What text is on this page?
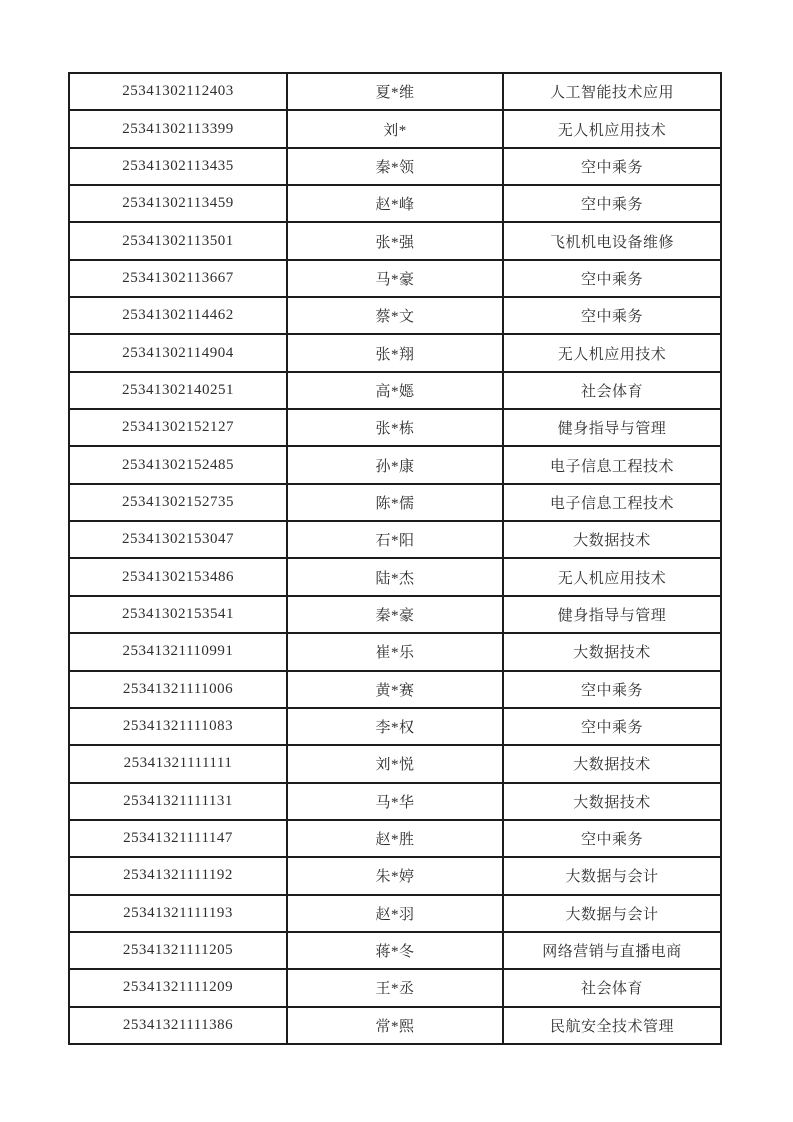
25341302112403	夏*维	人工智能技术应用
25341302113399	刘*	无人机应用技术
25341302113435	秦*领	空中乘务
25341302113459	赵*峰	空中乘务
25341302113501	张*强	飞机机电设备维修
25341302113667	马*豪	空中乘务
25341302114462	蔡*文	空中乘务
25341302114904	张*翔	无人机应用技术
25341302140251	高*嫕	社会体育
25341302152127	张*栋	健身指导与管理
25341302152485	孙*康	电子信息工程技术
25341302152735	陈*儒	电子信息工程技术
25341302153047	石*阳	大数据技术
25341302153486	陆*杰	无人机应用技术
25341302153541	秦*豪	健身指导与管理
25341321110991	崔*乐	大数据技术
25341321111006	黄*赛	空中乘务
25341321111083	李*权	空中乘务
25341321111111	刘*悦	大数据技术
25341321111131	马*华	大数据技术
25341321111147	赵*胜	空中乘务
25341321111192	朱*婷	大数据与会计
25341321111193	赵*羽	大数据与会计
25341321111205	蒋*冬	网络营销与直播电商
25341321111209	王*丞	社会体育
25341321111386	常*熙	民航安全技术管理
